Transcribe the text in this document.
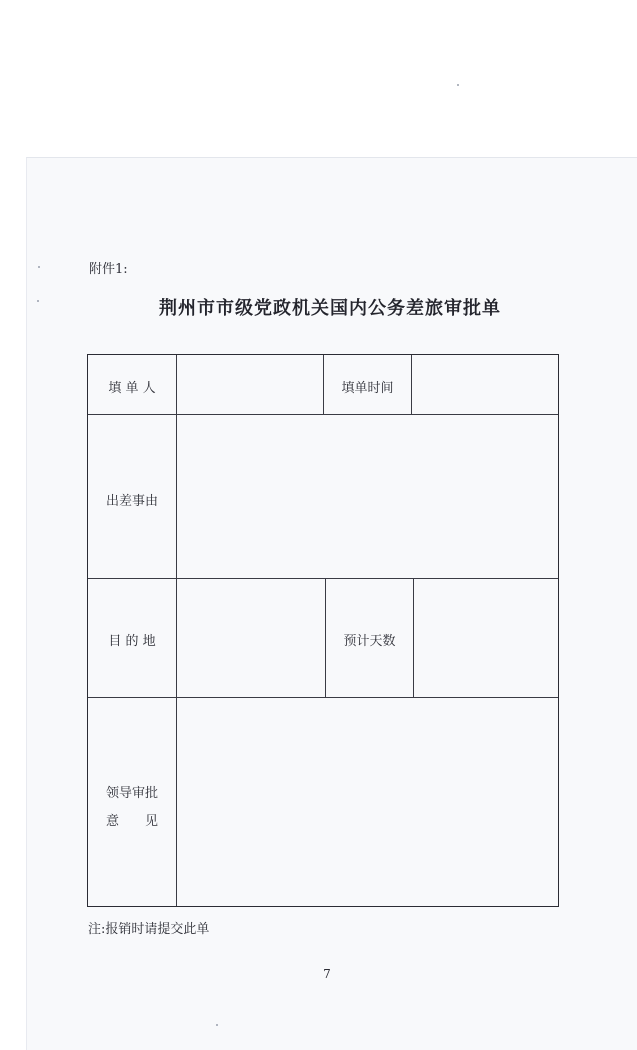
附件1:
荆州市市级党政机关国内公务差旅审批单
填 单 人	填单时间
出差事由
目 的 地	预计天数
领导审批
意　　见
注:报销时请提交此单
7
